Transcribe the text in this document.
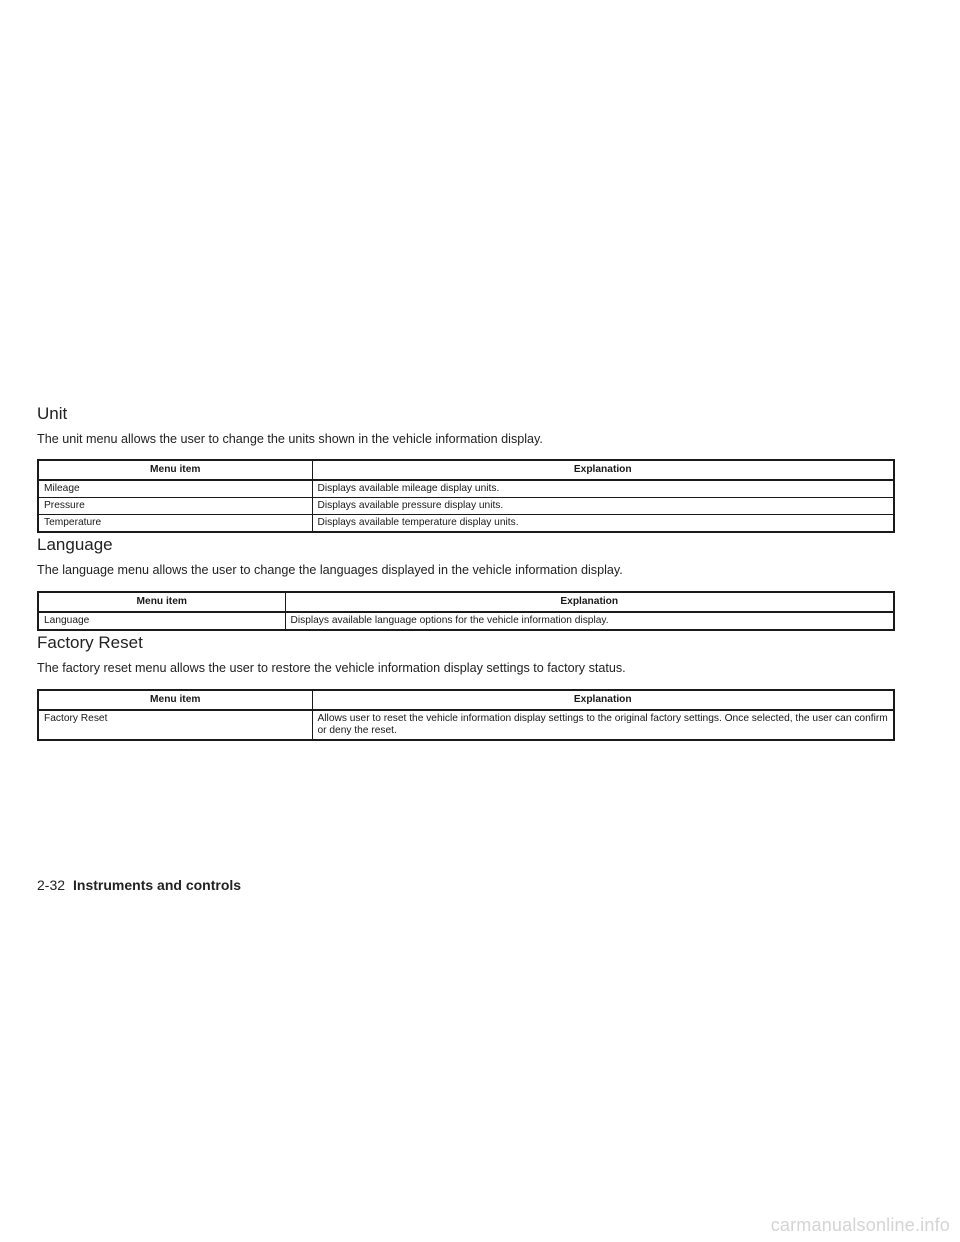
Unit

The unit menu allows the user to change the units shown in the vehicle information display.

Menu item	Explanation
Mileage	Displays available mileage display units.
Pressure	Displays available pressure display units.
Temperature	Displays available temperature display units.
Language

The language menu allows the user to change the languages displayed in the vehicle information display.

Menu item	Explanation
Language	Displays available language options for the vehicle information display.
Factory Reset

The factory reset menu allows the user to restore the vehicle information display settings to factory status.

Menu item	Explanation
Factory Reset	Allows user to reset the vehicle information display settings to the original factory settings. Once selected, the user can confirm or deny the reset.
2-32 Instruments and controls
carmanualsonline.info
